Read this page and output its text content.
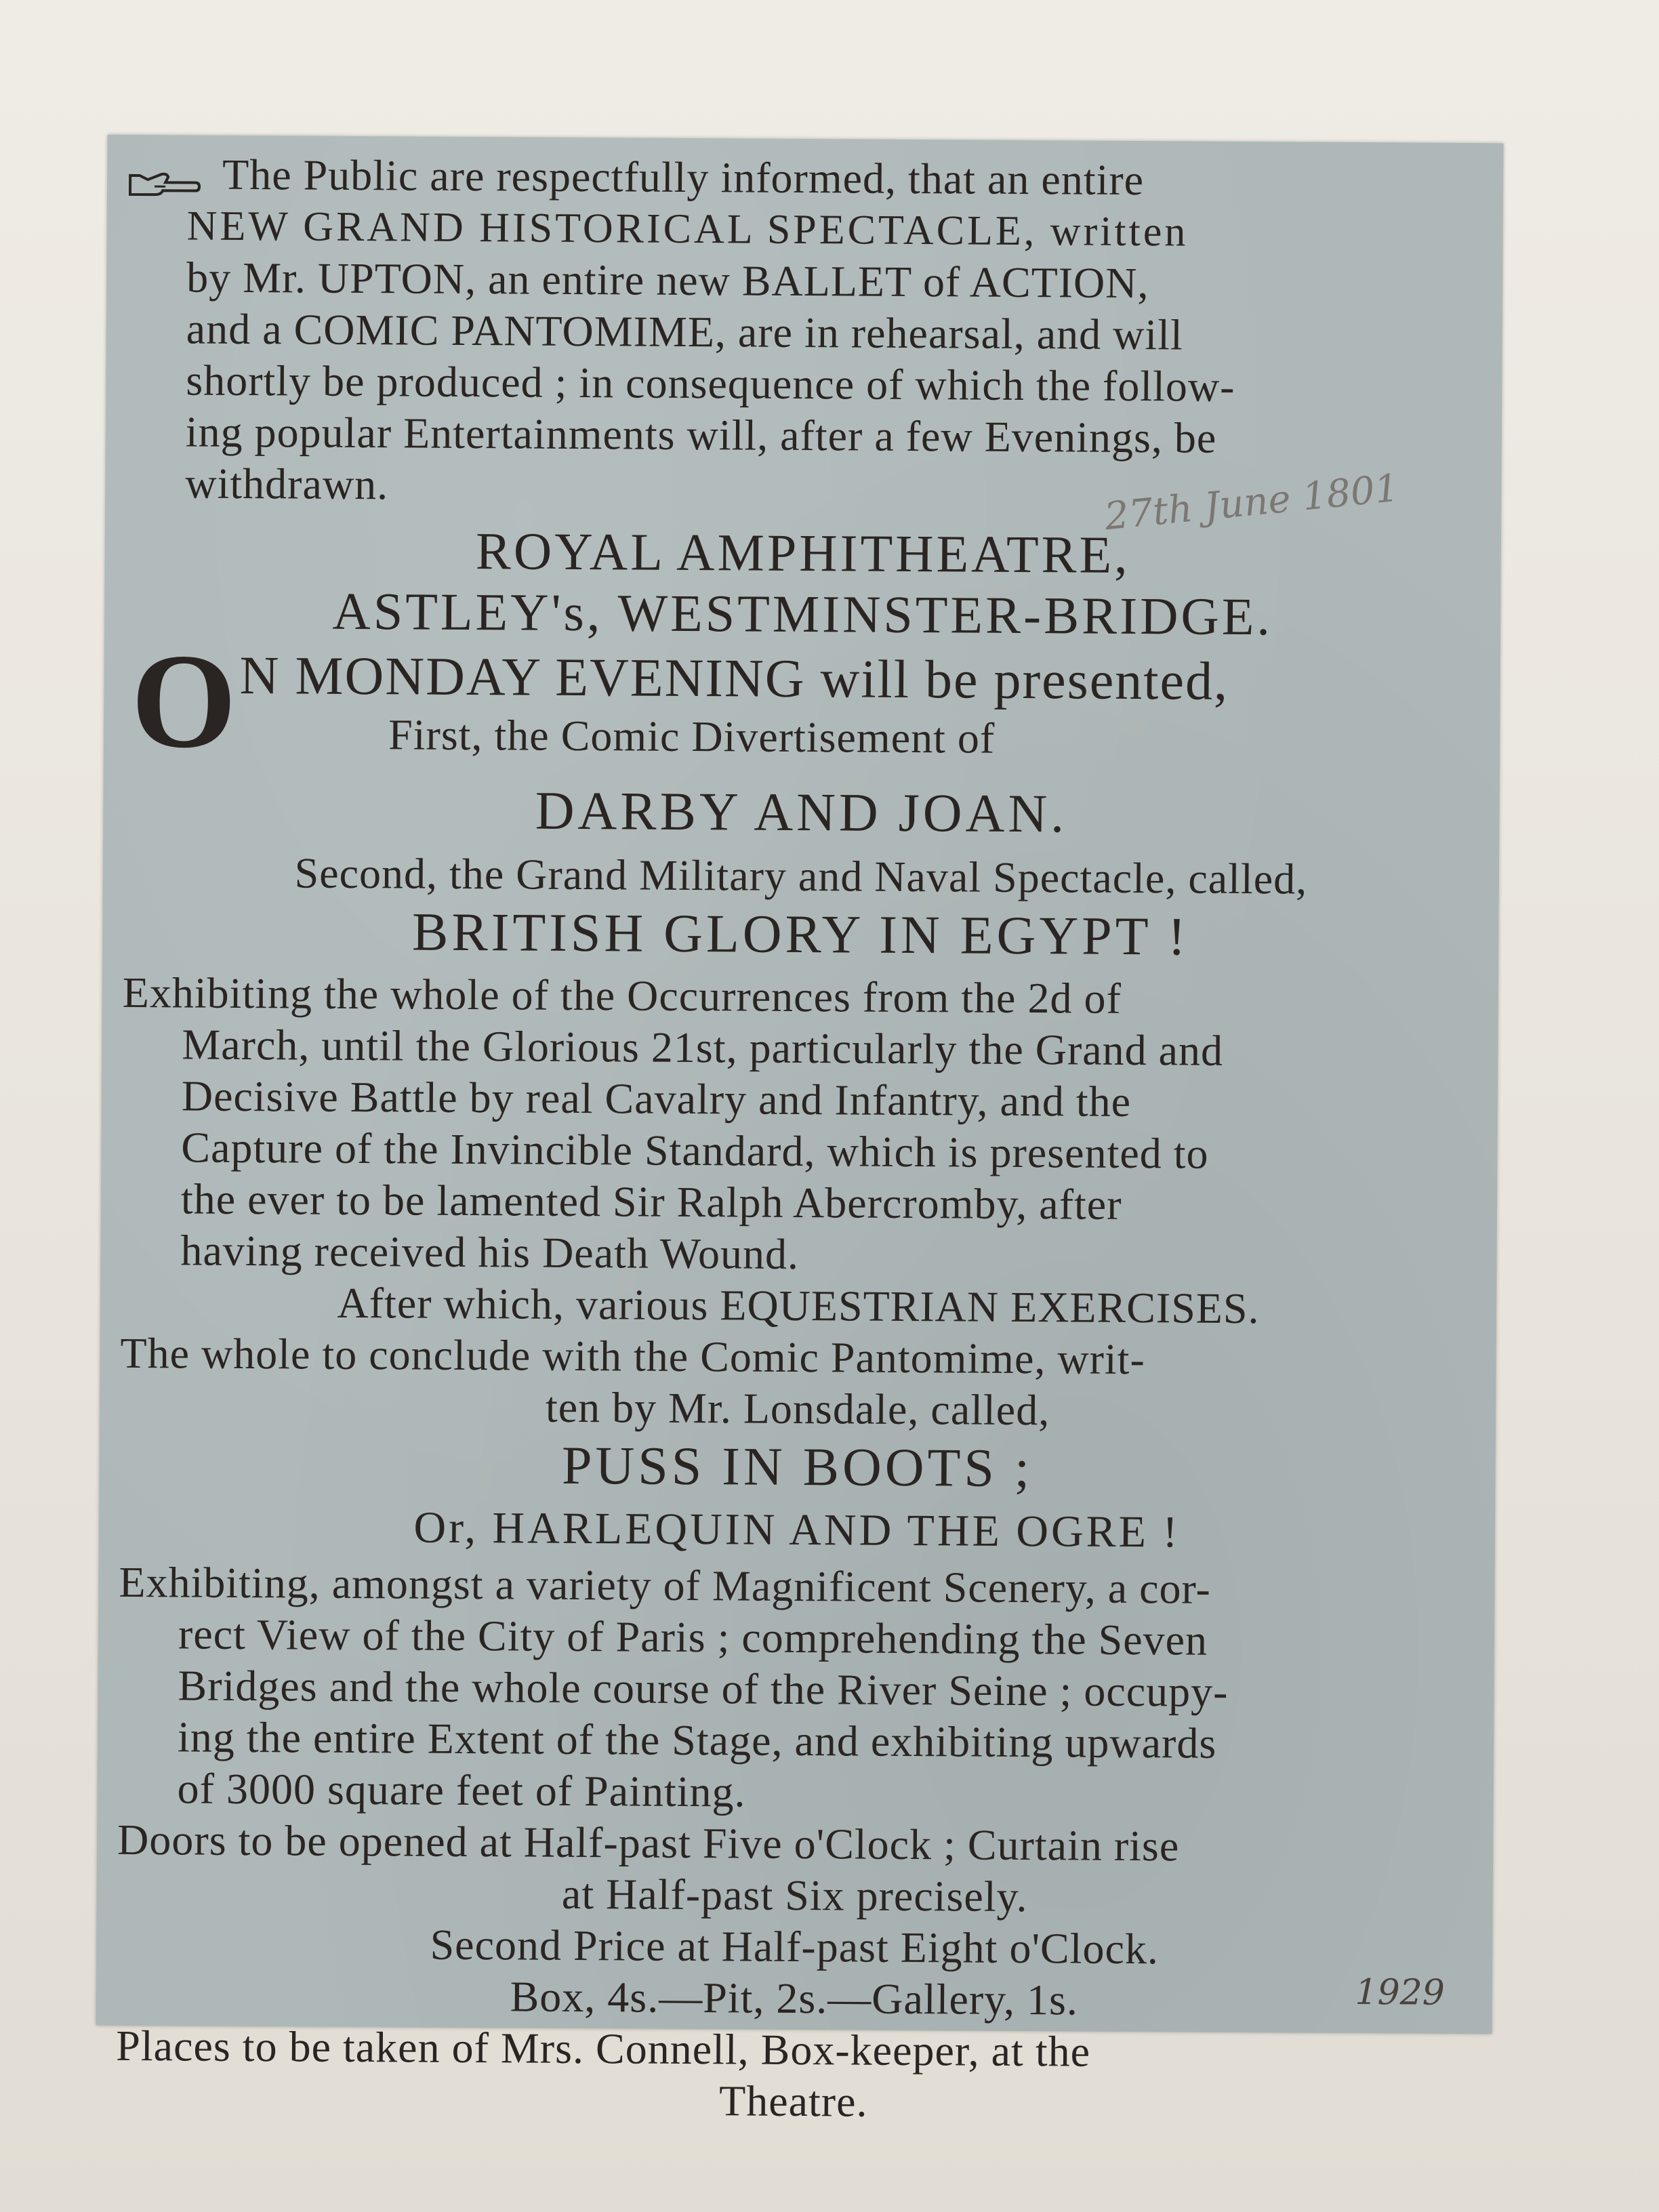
The Public are respectfully informed, that an entire

NEW GRAND HISTORICAL SPECTACLE, written

by Mr. UPTON, an entire new BALLET of ACTION,

and a COMIC PANTOMIME, are in rehearsal, and will

shortly be produced ; in consequence of which the follow-

ing popular Entertainments will, after a few Evenings, be

withdrawn.	27th June 1801

ROYAL AMPHITHEATRE,

ASTLEY's, WESTMINSTER-BRIDGE.

O N MONDAY EVENING will be presented,
First, the Comic Divertisement of

DARBY AND JOAN.

Second, the Grand Military and Naval Spectacle, called,

BRITISH GLORY IN EGYPT !

Exhibiting the whole of the Occurrences from the 2d of

March, until the Glorious 21st, particularly the Grand and

Decisive Battle by real Cavalry and Infantry, and the

Capture of the Invincible Standard, which is presented to

the ever to be lamented Sir Ralph Abercromby, after

having received his Death Wound.

After which, various EQUESTRIAN EXERCISES.

The whole to conclude with the Comic Pantomime, writ-

ten by Mr. Lonsdale, called,

PUSS IN BOOTS ;

Or, HARLEQUIN AND THE OGRE !

Exhibiting, amongst a variety of Magnificent Scenery, a cor-

rect View of the City of Paris ; comprehending the Seven

Bridges and the whole course of the River Seine ; occupy-

ing the entire Extent of the Stage, and exhibiting upwards

of 3000 square feet of Painting.

Doors to be opened at Half-past Five o'Clock ; Curtain rise

at Half-past Six precisely.

Second Price at Half-past Eight o'Clock.

Box, 4s.—Pit, 2s.—Gallery, 1s.

Places to be taken of Mrs. Connell, Box-keeper, at the

Theatre.

1929
